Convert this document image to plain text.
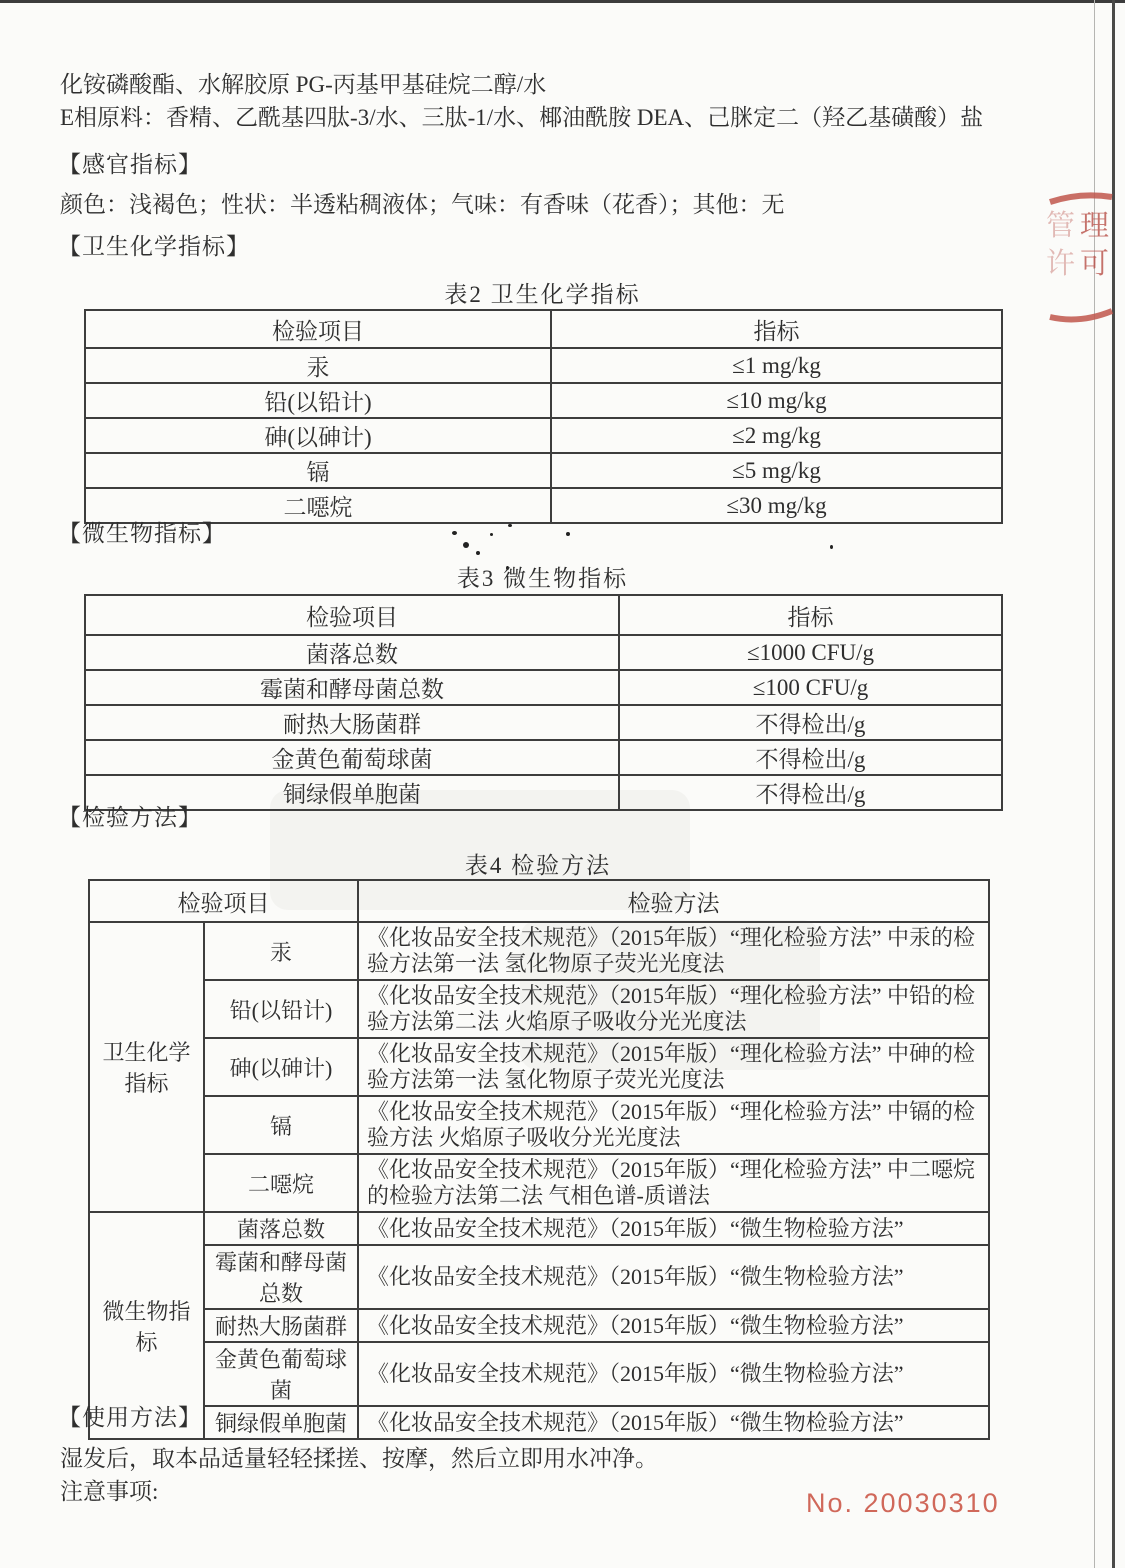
化铵磷酸酯、水解胶原 PG-丙基甲基硅烷二醇/水
E相原料：香精、乙酰基四肽-3/水、三肽-1/水、椰油酰胺 DEA、己脒定二（羟乙基磺酸）盐
【感官指标】
颜色：浅褐色；性状：半透粘稠液体；气味：有香味（花香）；其他：无
【卫生化学指标】
表2 卫生化学指标
检验项目	指标
汞	≤1 mg/kg
铅(以铅计)	≤10 mg/kg
砷(以砷计)	≤2 mg/kg
镉	≤5 mg/kg
二噁烷	≤30 mg/kg
【微生物指标】
表3 微生物指标
检验项目	指标
菌落总数	≤1000 CFU/g
霉菌和酵母菌总数	≤100 CFU/g
耐热大肠菌群	不得检出/g
金黄色葡萄球菌	不得检出/g
铜绿假单胞菌	不得检出/g
【检验方法】
表4 检验方法
检验项目		检验方法
卫生化学指标	汞	《化妆品安全技术规范》（2015年版）“理化检验方法” 中汞的检验方法第一法 氢化物原子荧光光度法
	铅(以铅计)	《化妆品安全技术规范》（2015年版）“理化检验方法” 中铅的检验方法第二法 火焰原子吸收分光光度法
	砷(以砷计)	《化妆品安全技术规范》（2015年版）“理化检验方法” 中砷的检验方法第一法 氢化物原子荧光光度法
	镉	《化妆品安全技术规范》（2015年版）“理化检验方法” 中镉的检验方法 火焰原子吸收分光光度法
	二噁烷	《化妆品安全技术规范》（2015年版）“理化检验方法” 中二噁烷的检验方法第二法 气相色谱-质谱法
微生物指标	菌落总数	《化妆品安全技术规范》（2015年版）“微生物检验方法”
	霉菌和酵母菌总数	《化妆品安全技术规范》（2015年版）“微生物检验方法”
	耐热大肠菌群	《化妆品安全技术规范》（2015年版）“微生物检验方法”
	金黄色葡萄球菌	《化妆品安全技术规范》（2015年版）“微生物检验方法”
	铜绿假单胞菌	《化妆品安全技术规范》（2015年版）“微生物检验方法”
【使用方法】
湿发后，取本品适量轻轻揉搓、按摩，然后立即用水冲净。
注意事项:	No. 20030310
管理
许可
